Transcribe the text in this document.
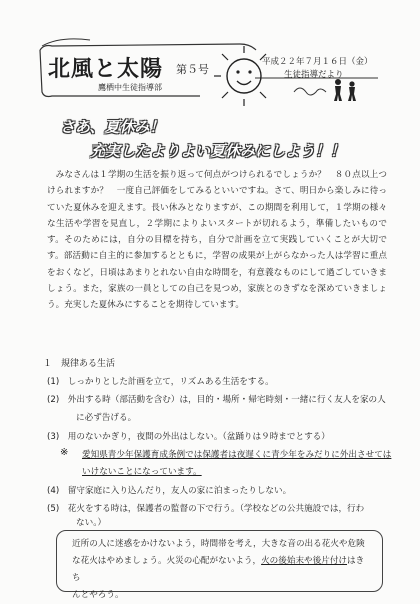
北風と太陽 第５号
鷹栖中生徒指導部
平成２２年７月１６日（金）
生徒指導だより
さあ、夏休み！
充実したよりよい夏休みにしよう！！
みなさんは１学期の生活を振り返って何点がつけられるでしょうか？　８０点以上つけられますか？　一度自己評価をしてみるといいですね。さて、明日から楽しみに待っていた夏休みを迎えます。長い休みとなりますが、この期間を利用して，１学期の様々な生活や学習を見直し，２学期によりよいスタートが切れるよう，準備したいものです。そのためには，自分の目標を持ち，自分で計画を立て実践していくことが大切です。部活動に自主的に参加するとともに，学習の成果が上がらなかった人は学習に重点をおくなど，日頃はあまりとれない自由な時間を，有意義なものにして過ごしていきましょう。また，家族の一員としての自己を見つめ，家族とのきずなを深めていきましょう。充実した夏休みにすることを期待しています。
１　規律ある生活
(1)　しっかりとした計画を立て，リズムある生活をする。
(2)　外出する時（部活動を含む）は，目的・場所・帰宅時刻・一緒に行く友人を家の人
に必ず告げる。
(3)　用のないかぎり，夜間の外出はしない。（盆踊りは９時までとする）
※ 愛知県青少年保護育成条例では保護者は夜遅くに青少年をみだりに外出させては
いけないことになっています。
(4)　留守家庭に入り込んだり，友人の家に泊まったりしない。
(5)　花火をする時は，保護者の監督の下で行う。（学校などの公共施設では，行わ
近所の人に迷惑をかけないよう，時間帯を考え，大きな音の出る花火や危険
な花火はやめましょう。火災の心配がないよう，火の後始末や後片付けはきち
んとやろう。
ない。）
